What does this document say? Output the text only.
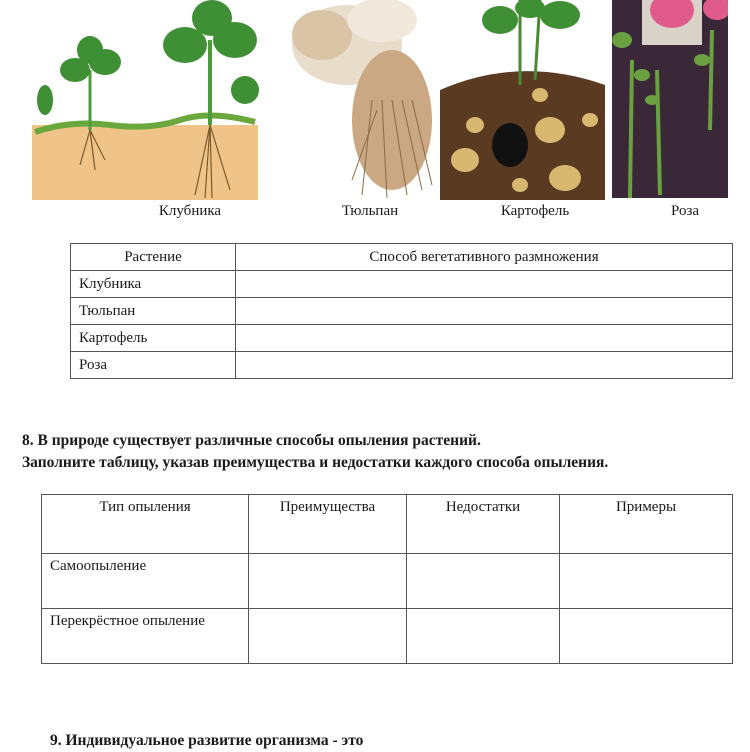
Клубника	Тюльпан	Картофель	Роза
Растение	Способ вегетативного размножения
Клубника	
Тюльпан	
Картофель	
Роза	
8. В природе существует различные способы опыления растений.
Заполните таблицу, указав преимущества и недостатки каждого способа опыления.
Тип опыления	Преимущества	Недостатки	Примеры
Самоопыление			
Перекрёстное опыление			
9. Индивидуальное развитие организма - это
